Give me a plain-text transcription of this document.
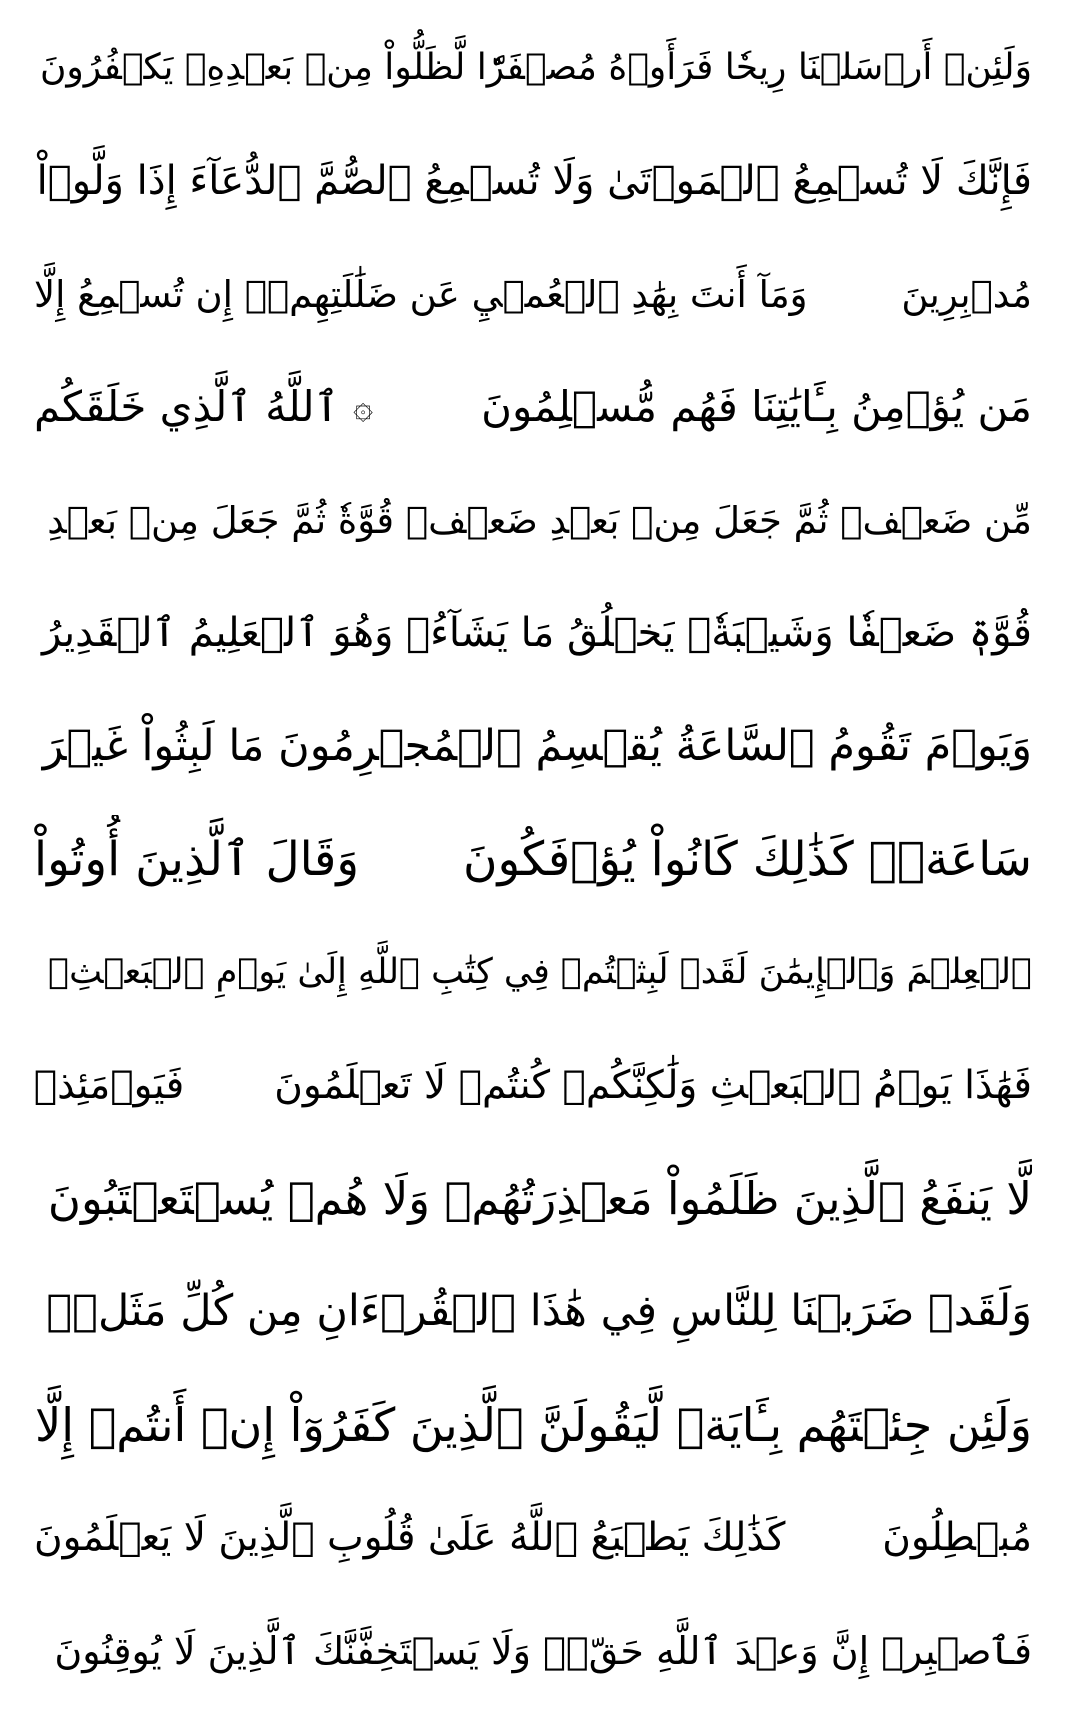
وَلَئِنۡ أَرۡسَلۡنَا رِيحٗا فَرَأَوۡهُ مُصۡفَرّٗا لَّظَلُّواْ مِنۢ بَعۡدِهِۦ يَكۡفُرُونَ
فَإِنَّكَ لَا تُسۡمِعُ ٱلۡمَوۡتَىٰ وَلَا تُسۡمِعُ ٱلصُّمَّ ٱلدُّعَآءَ إِذَا وَلَّوۡاْ
مُدۡبِرِينَ
وَمَآ أَنتَ بِهَٰدِ ٱلۡعُمۡيِ عَن ضَلَٰلَتِهِمۡۖ إِن تُسۡمِعُ إِلَّا
مَن يُؤۡمِنُ بِـَٔايَٰتِنَا فَهُم مُّسۡلِمُونَ
۞
ٱللَّهُ ٱلَّذِي خَلَقَكُم
مِّن ضَعۡفٖ ثُمَّ جَعَلَ مِنۢ بَعۡدِ ضَعۡفٖ قُوَّةٗ ثُمَّ جَعَلَ مِنۢ بَعۡدِ
قُوَّةٖ ضَعۡفٗا وَشَيۡبَةٗۚ يَخۡلُقُ مَا يَشَآءُۚ وَهُوَ ٱلۡعَلِيمُ ٱلۡقَدِيرُ
وَيَوۡمَ تَقُومُ ٱلسَّاعَةُ يُقۡسِمُ ٱلۡمُجۡرِمُونَ مَا لَبِثُواْ غَيۡرَ
سَاعَةٖۚ كَذَٰلِكَ كَانُواْ يُؤۡفَكُونَ
وَقَالَ ٱلَّذِينَ أُوتُواْ
ٱلۡعِلۡمَ وَٱلۡإِيمَٰنَ لَقَدۡ لَبِثۡتُمۡ فِي كِتَٰبِ ٱللَّهِ إِلَىٰ يَوۡمِ ٱلۡبَعۡثِۖ
فَهَٰذَا يَوۡمُ ٱلۡبَعۡثِ وَلَٰكِنَّكُمۡ كُنتُمۡ لَا تَعۡلَمُونَ
فَيَوۡمَئِذٖ
لَّا يَنفَعُ ٱلَّذِينَ ظَلَمُواْ مَعۡذِرَتُهُمۡ وَلَا هُمۡ يُسۡتَعۡتَبُونَ
وَلَقَدۡ ضَرَبۡنَا لِلنَّاسِ فِي هَٰذَا ٱلۡقُرۡءَانِ مِن كُلِّ مَثَلٖۚ
وَلَئِن جِئۡتَهُم بِـَٔايَةٖ لَّيَقُولَنَّ ٱلَّذِينَ كَفَرُوٓاْ إِنۡ أَنتُمۡ إِلَّا
مُبۡطِلُونَ
كَذَٰلِكَ يَطۡبَعُ ٱللَّهُ عَلَىٰ قُلُوبِ ٱلَّذِينَ لَا يَعۡلَمُونَ
فَٱصۡبِرۡ إِنَّ وَعۡدَ ٱللَّهِ حَقّٞۖ وَلَا يَسۡتَخِفَّنَّكَ ٱلَّذِينَ لَا يُوقِنُونَ
